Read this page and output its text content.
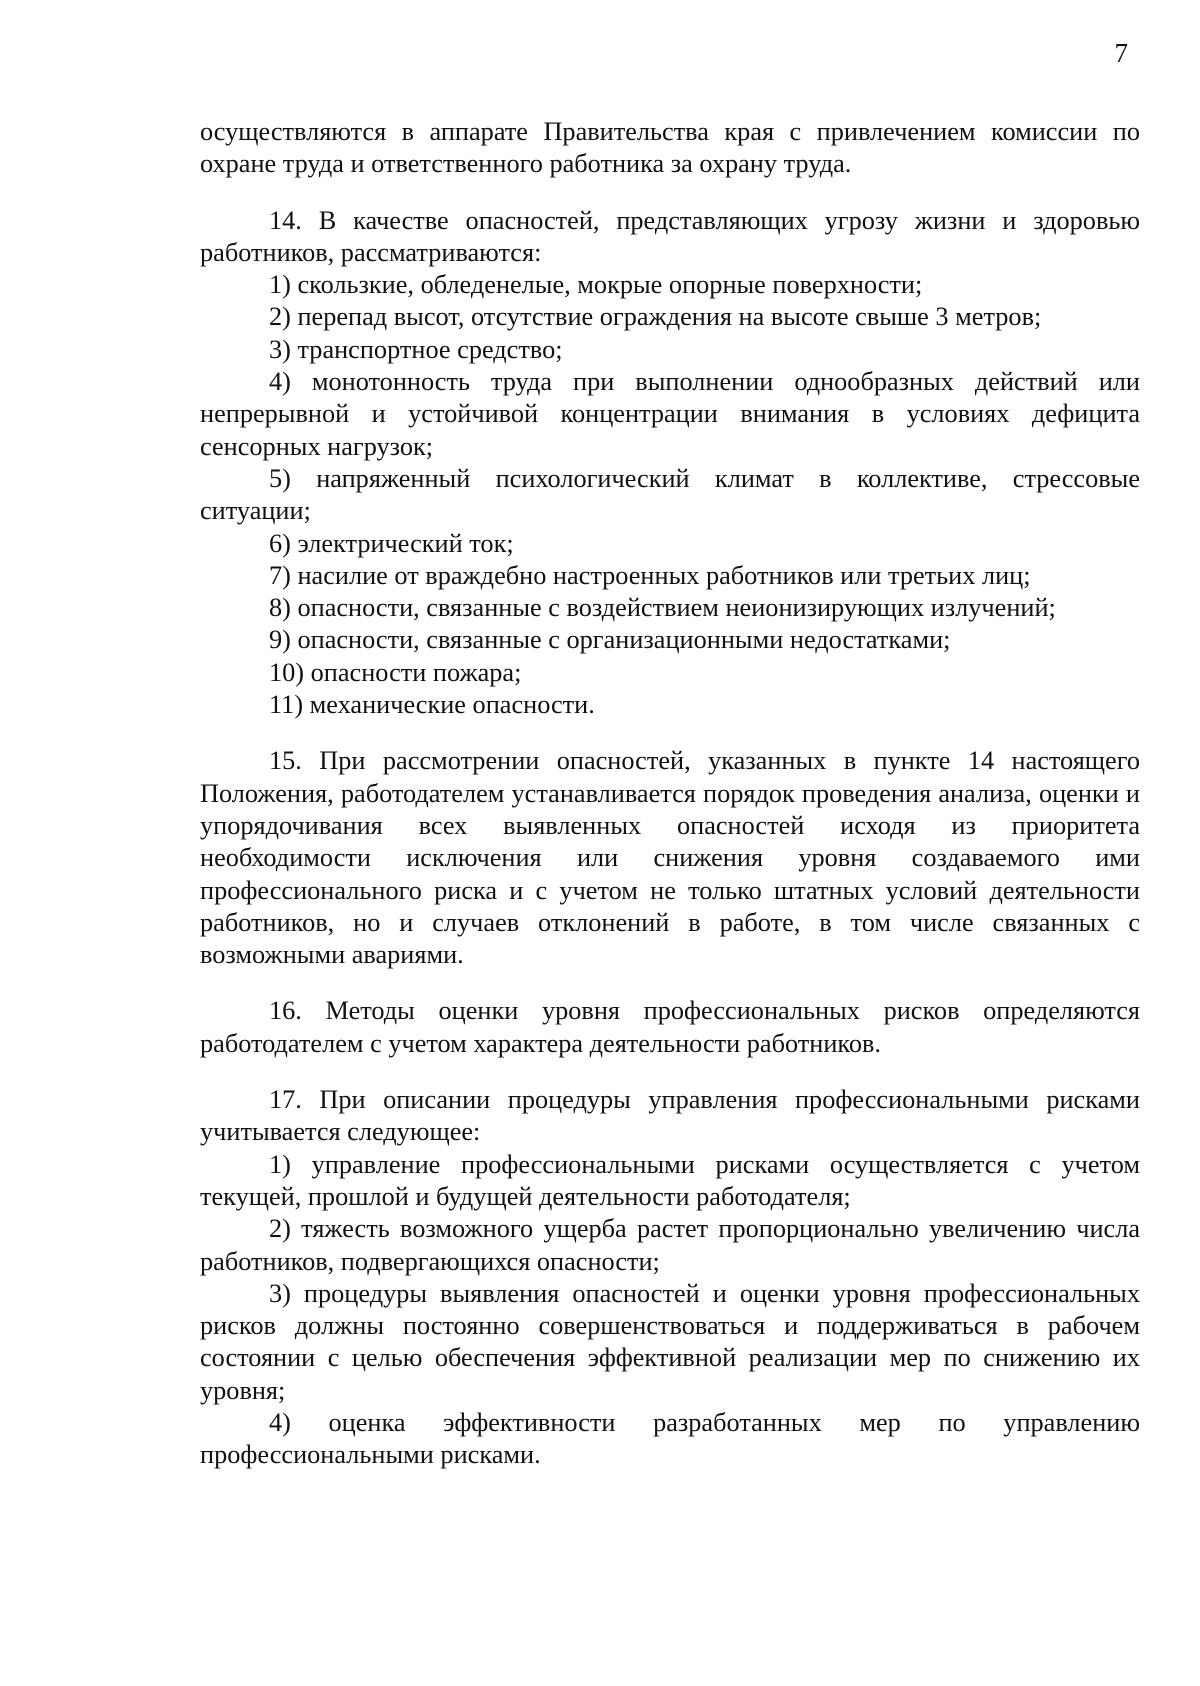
7

осуществляются в аппарате Правительства края с привлечением комиссии по охране труда и ответственного работника за охрану труда.

14. В качестве опасностей, представляющих угрозу жизни и здоровью работников, рассматриваются:

1) скользкие, обледенелые, мокрые опорные поверхности;

2) перепад высот, отсутствие ограждения на высоте свыше 3 метров;

3) транспортное средство;

4) монотонность труда при выполнении однообразных действий или непрерывной и устойчивой концентрации внимания в условиях дефицита сенсорных нагрузок;

5) напряженный психологический климат в коллективе, стрессовые ситуации;

6) электрический ток;

7) насилие от враждебно настроенных работников или третьих лиц;

8) опасности, связанные с воздействием неионизирующих излучений;

9) опасности, связанные с организационными недостатками;

10) опасности пожара;

11) механические опасности.

15. При рассмотрении опасностей, указанных в пункте 14 настоящего Положения, работодателем устанавливается порядок проведения анализа, оценки и упорядочивания всех выявленных опасностей исходя из приоритета необходимости исключения или снижения уровня создаваемого ими профессионального риска и с учетом не только штатных условий деятельности работников, но и случаев отклонений в работе, в том числе связанных с возможными авариями.

16. Методы оценки уровня профессиональных рисков определяются работодателем с учетом характера деятельности работников.

17. При описании процедуры управления профессиональными рисками учитывается следующее:

1) управление профессиональными рисками осуществляется с учетом текущей, прошлой и будущей деятельности работодателя;

2) тяжесть возможного ущерба растет пропорционально увеличению числа работников, подвергающихся опасности;

3) процедуры выявления опасностей и оценки уровня профессиональных рисков должны постоянно совершенствоваться и поддерживаться в рабочем состоянии с целью обеспечения эффективной реализации мер по снижению их уровня;

4) оценка эффективности разработанных мер по управлению профессиональными рисками.
